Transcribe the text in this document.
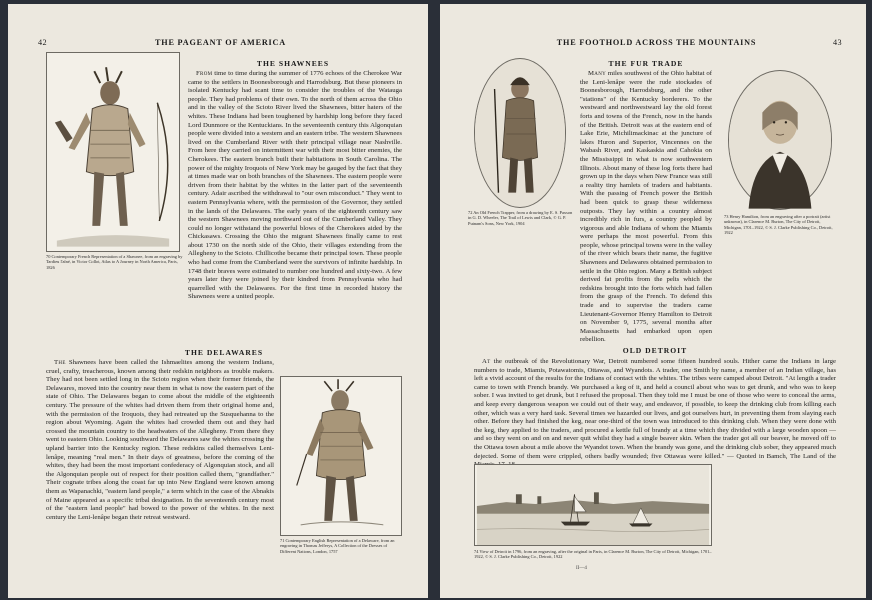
42	THE PAGEANT OF AMERICA
70 Contemporary French Representation of a Shawnee, from an engraving by Tardieu l'aîné, in Victor Collot, Atlas to A Journey in North America, Paris, 1826
THE SHAWNEES

From time to time during the summer of 1776 echoes of the Cherokee War came to the settlers in Boonesborough and Harrodsburg. But these pioneers in isolated Kentucky had scant time to consider the troubles of the Watauga people. They had problems of their own. To the north of them across the Ohio and in the valley of the Scioto River lived the Shawnees, bitter haters of the whites. These Indians had been toughened by hardship long before they faced Lord Dunmore or the Kentuckians. In the seventeenth century this Algonquian people were divided into a western and an eastern tribe. The western Shawnees lived on the Cumberland River with their principal village near Nashville. From here they carried on intermittent war with their most bitter enemies, the Cherokees. The eastern branch built their habitations in South Carolina. The power of the mighty Iroquois of New York may be gauged by the fact that they at times made war on both branches of the Shawnees. The eastern people were driven from their habitat by the whites in the latter part of the seventeenth century. Adair ascribed the withdrawal to "our own misconduct." They went to eastern Pennsylvania where, with the permission of the Governor, they settled in the lands of the Delawares. The early years of the eighteenth century saw the western Shawnees moving northward out of the Cumberland Valley. They could no longer withstand the powerful blows of the Cherokees aided by the Chickasaws. Crossing the Ohio the migrant Shawnees finally came to rest about 1730 on the north side of the Ohio, their villages extending from the Allegheny to the Scioto. Chillicothe became their principal town. These people who had come from the Cumberland were the survivors of infinite hardship. In 1748 their braves were estimated to number one hundred and sixty-two. A few years later they were joined by their kindred from Pennsylvania who had quarrelled with the Delawares. For the first time in recorded history the Shawnees were a united people.

THE DELAWARES

The Shawnees have been called the Ishmaelites among the western Indians, cruel, crafty, treacherous, known among their redskin neighbors as trouble makers. They had not been settled long in the Scioto region when their former friends, the Delawares, moved into the country near them in what is now the eastern part of the state of Ohio. The Delawares began to come about the middle of the eighteenth century. The pressure of the whites had driven them from their original home and, with the permission of the Iroquois, they had retreated up the Susquehanna to the region about Wyoming. Again the whites had crowded them out and they had crossed the mountain country to the headwaters of the Allegheny. From there they went to eastern Ohio. Looking southward the Delawares saw the whites crossing the upland barrier into the Kentucky region. These redskins called themselves Leni-lenâpe, meaning "real men." In their days of greatness, before the coming of the whites, they had been the most important confederacy of Algonquian stock, and all the Algonquian people out of respect for their position called them, "grandfather." Their cognate tribes along the coast far up into New England were known among them as Wapanachki, "eastern land people," a term which in the case of the Abnakis of Maine appeared as a specific tribal designation. In the seventeenth century most of the "eastern land people" had bowed to the power of the whites. In the next century the Leni-lenâpe began their retreat westward.

71 Contemporary English Representation of a Delaware, from an engraving in Thomas Jefferys, A Collection of the Dresses of Different Nations, London, 1757
THE FOOTHOLD ACROSS THE MOUNTAINS	43
72 An Old French Trapper, from a drawing by E. S. Paxson in G. D. Wheeler, The Trail of Lewis and Clark, © G. P. Putnam's Sons, New York, 1904
THE FUR TRADE

Many miles southwest of the Ohio habitat of the Leni-lenâpe were the rude stockades of Boonesborough, Harrodsburg, and the other "stations" of the Kentucky borderers. To the westward and northwestward lay the old forest forts and towns of the French, now in the hands of the British. Detroit was at the eastern end of Lake Erie, Michilimackinac at the juncture of lakes Huron and Superior, Vincennes on the Wabash River, and Kaskaskia and Cahokia on the Mississippi in what is now southwestern Illinois. About many of these log forts there had grown up in the days when New France was still a reality tiny hamlets of traders and habitants. With the passing of French power the British had been quick to grasp these wilderness outposts. They lay within a country almost incredibly rich in furs, a country peopled by vigorous and able Indians of whom the Miamis were perhaps the most powerful. From this people, whose principal towns were in the valley of the river which bears their name, the fugitive Shawnees and Delawares obtained permission to settle in the Ohio region. Many a British subject derived fat profits from the pelts which the redskins brought into the forts which had fallen from the grasp of the French. To defend this trade and to supervise the traders came Lieutenant-Governor Henry Hamilton to Detroit on November 9, 1775, several months after Massachusetts had embarked upon open rebellion.

73 Henry Hamilton, from an engraving after a portrait (artist unknown), in Clarence M. Burton, The City of Detroit, Michigan, 1701–1922, © S. J. Clarke Publishing Co., Detroit, 1922
OLD DETROIT

At the outbreak of the Revolutionary War, Detroit numbered some fifteen hundred souls. Hither came the Indians in large numbers to trade, Miamis, Potawatomis, Ottawas, and Wyandots. A trader, one Smith by name, a member of an Indian village, has left a vivid account of the results for the Indians of contact with the whites. The tribes were camped about Detroit. "At length a trader came to town with French brandy. We purchased a keg of it, and held a council about who was to get drunk, and who was to keep sober. I was invited to get drunk, but I refused the proposal. Then they told me I must be one of those who were to conceal the arms, and keep every dangerous weapon we could out of their way, and endeavor, if possible, to keep the drinking club from killing each other, which was a very hard task. Several times we hazarded our lives, and got ourselves hurt, in preventing them from slaying each other. Before they had finished the keg, near one-third of the town was introduced to this drinking club. When they were done with the keg, they applied to the traders, and procured a kettle full of brandy at a time which they divided with a large wooden spoon — and so they went on and on and never quit whilst they had a single beaver skin. When the trader got all our beaver, he moved off to the Ottawa town about a mile above the Wyandot town. When the brandy was gone, and the drinking club sober, they appeared much dejected. Some of them were crippled, others badly wounded; five Ottawas were killed." — Quoted in Bamch, The Land of the

74 View of Detroit in 1796, from an engraving, after the original in Paris, in Clarence M. Burton, The City of Detroit, Michigan, 1701–1922, © S. J. Clarke Publishing Co., Detroit, 1922
II—4
